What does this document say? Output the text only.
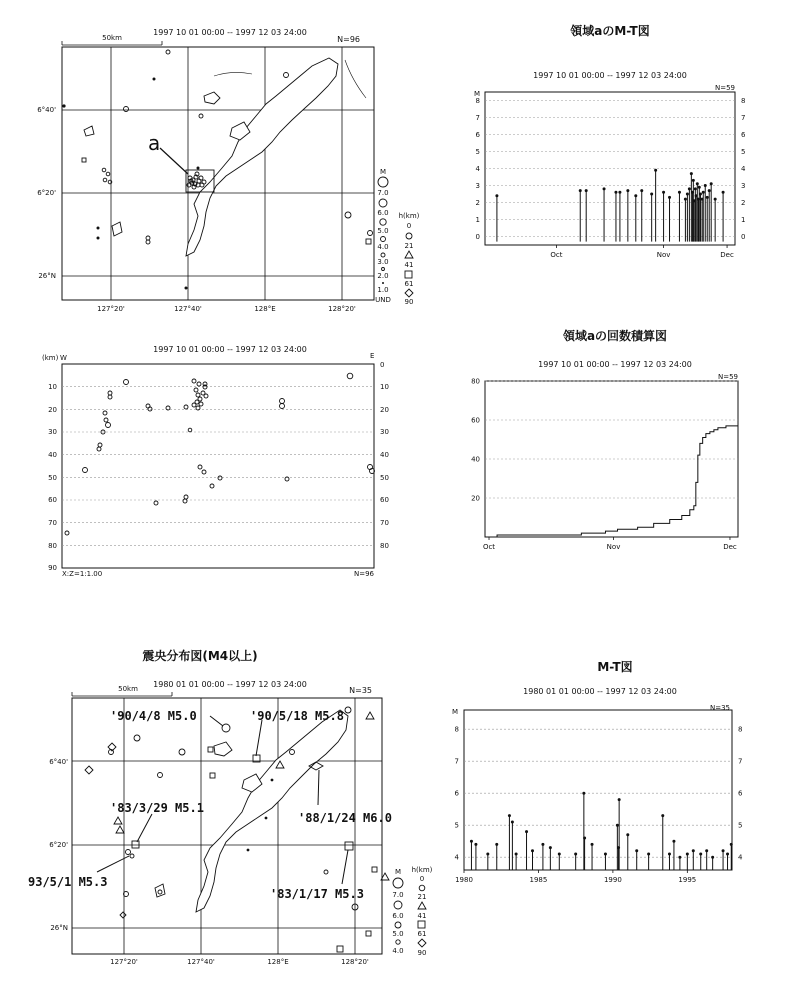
1997 10 01 00:00 -- 1997 12 03 24:00
N=96
50km
6°40'
6°20'
26°N
127°20'	127°40'	128°E	128°20'
a
M
7.0
6.0
5.0
4.0
3.0
2.0
1.0
UND
h(km)
0
21
41
61
90
1997 10 01 00:00 -- 1997 12 03 24:00
(km) W	E
10
20
30
40
50
60
70
80
90
0
10
20
30
40
50
60
70
80
X:Z=1:1.00	N=96
震央分布図(M4以上)
1980 01 01 00:00 -- 1997 12 03 24:00
N=35
50km
6°40'
6°20'
26°N
127°20'	127°40'	128°E	128°20'
'90/4/8 M5.0	'90/5/18 M5.8
'83/3/29 M5.1
'88/1/24 M6.0
93/5/1 M5.3
'83/1/17 M5.3
M
7.0
6.0
5.0
4.0
h(km)
0
21
41
61
90
領域aのM-T図
1997 10 01 00:00 -- 1997 12 03 24:00
N=59
M
0	0
1	1
2	2
3	3
4	4
5	5
6	6
7	7
8	8
Oct	Nov	Dec
領域aの回数積算図
1997 10 01 00:00 -- 1997 12 03 24:00
N=59
20
40
60
80
Oct	Nov	Dec
M-T図
1980 01 01 00:00 -- 1997 12 03 24:00
N=35
M
4	4
5	5
6	6
7	7
8	8
1980	1985	1990	1995
